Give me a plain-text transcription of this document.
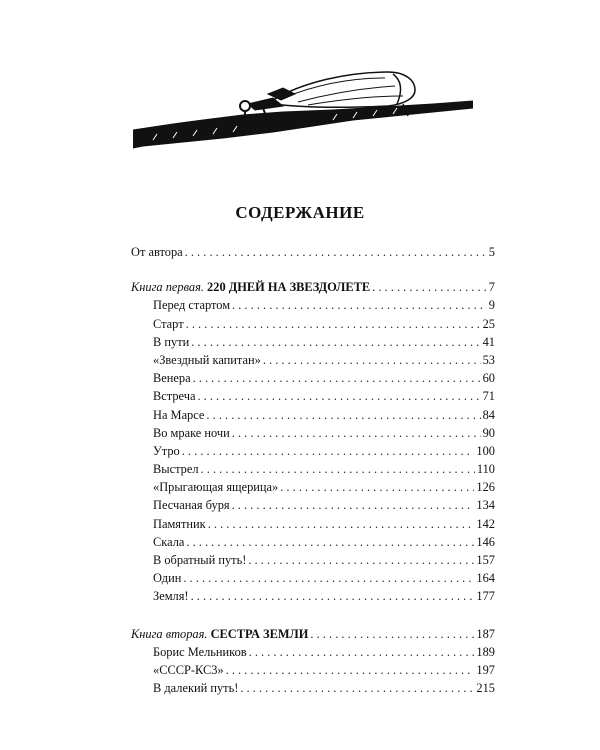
СОДЕРЖАНИЕ
От автора . . .	5
Книга первая. 220 ДНЕЙ НА ЗВЕЗДОЛЕТЕ . . .	7
Перед стартом . . .	9
Старт . . .	25
В пути . . .	41
«Звездный капитан» . . .	53
Венера . . .	60
Встреча . . .	71
На Марсе . . .	84
Во мраке ночи . . .	90
Утро . . .	100
Выстрел . . .	110
«Прыгающая ящерица» . . .	126
Песчаная буря . . .	134
Памятник . . .	142
Скала . . .	146
В обратный путь! . . .	157
Один . . .	164
Земля! . . .	177
Книга вторая. СЕСТРА ЗЕМЛИ . . .	187
Борис Мельников . . .	189
«СССР-КС3» . . .	197
В далекий путь! . . .	215
